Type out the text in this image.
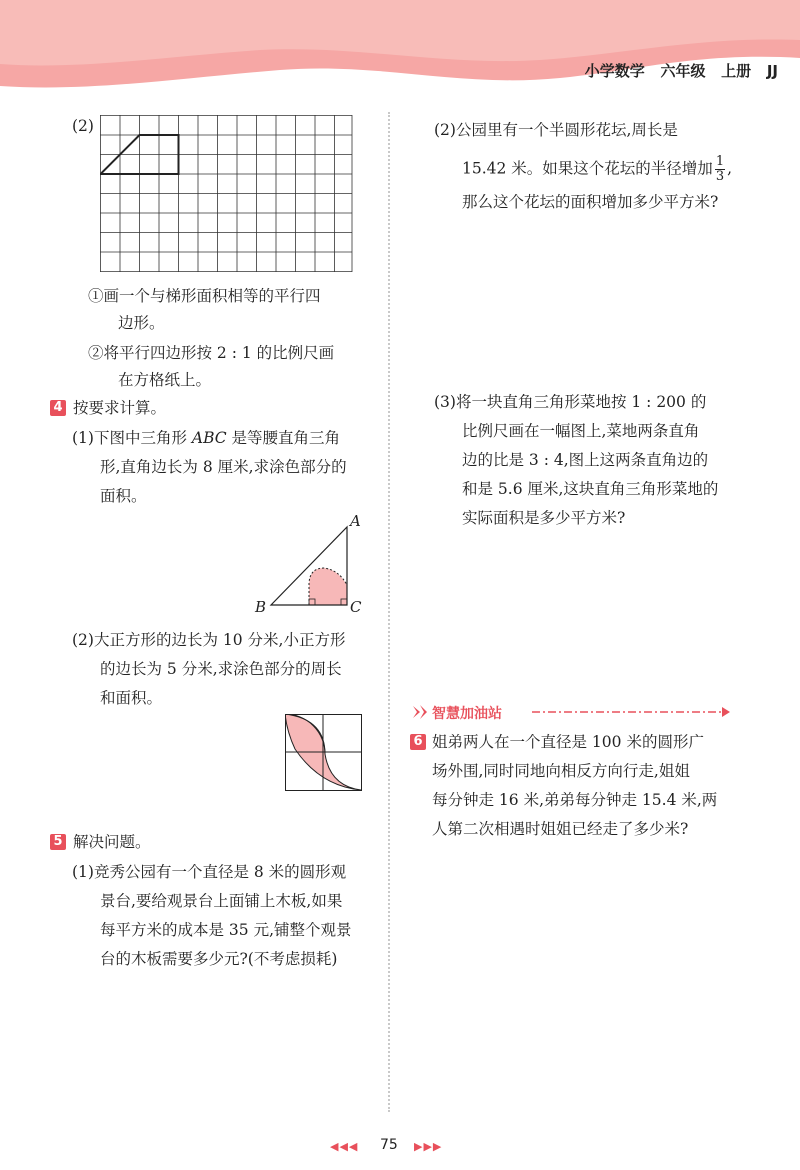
小学数学 六年级 上册 JJ
(2)
①画一个与梯形面积相等的平行四
边形。
②将平行四边形按 2 : 1 的比例尺画
在方格纸上。
4 按要求计算。
(1)下图中三角形 ABC 是等腰直角三角
形,直角边长为 8 厘米,求涂色部分的
面积。
A
B	C
(2)大正方形的边长为 10 分米,小正方形
的边长为 5 分米,求涂色部分的周长
和面积。
5 解决问题。
(1)竞秀公园有一个直径是 8 米的圆形观
景台,要给观景台上面铺上木板,如果
每平方米的成本是 35 元,铺整个观景
台的木板需要多少元?(不考虑损耗)
(2)公园里有一个半圆形花坛,周长是
15.42 米。如果这个花坛的半径增加 $\frac{1}{3}$ ,
那么这个花坛的面积增加多少平方米?
(3)将一块直角三角形菜地按 1 : 200 的
比例尺画在一幅图上,菜地两条直角
边的比是 3 : 4,图上这两条直角边的
和是 5.6 厘米,这块直角三角形菜地的
实际面积是多少平方米?
智慧加油站
6 姐弟两人在一个直径是 100 米的圆形广
场外围,同时同地向相反方向行走,姐姐
每分钟走 16 米,弟弟每分钟走 15.4 米,两
人第二次相遇时姐姐已经走了多少米?
◀◀◀ 75 ▶▶▶
